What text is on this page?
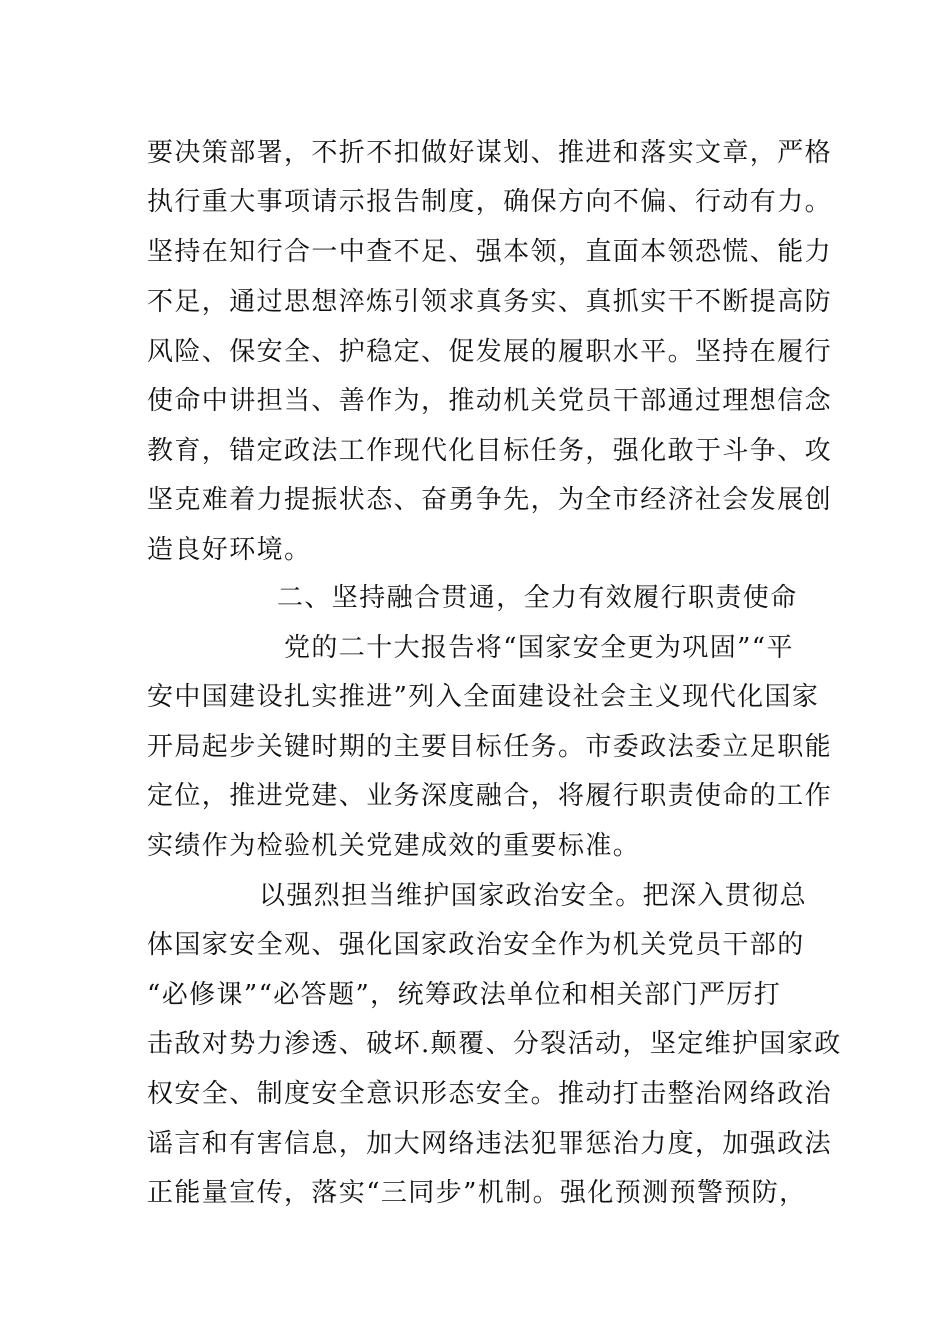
要决策部署，不折不扣做好谋划、推进和落实文章，严格
执行重大事项请示报告制度，确保方向不偏、行动有力。
坚持在知行合一中查不足、强本领，直面本领恐慌、能力
不足，通过思想淬炼引领求真务实、真抓实干不断提高防
风险、保安全、护稳定、促发展的履职水平。坚持在履行
使命中讲担当、善作为，推动机关党员干部通过理想信念
教育，错定政法工作现代化目标任务，强化敢于斗争、攻
坚克难着力提振状态、奋勇争先，为全市经济社会发展创
造良好环境。
二、坚持融合贯通，全力有效履行职责使命
党的二十大报告将“国家安全更为巩固”“平
安中国建设扎实推进”列入全面建设社会主义现代化国家
开局起步关键时期的主要目标任务。市委政法委立足职能
定位，推进党建、业务深度融合，将履行职责使命的工作
实绩作为检验机关党建成效的重要标准。
以强烈担当维护国家政治安全。把深入贯彻总
体国家安全观、强化国家政治安全作为机关党员干部的
“必修课”“必答题”，统筹政法单位和相关部门严厉打
击敌对势力渗透、破坏.颠覆、分裂活动，坚定维护国家政
权安全、制度安全意识形态安全。推动打击整治网络政治
谣言和有害信息，加大网络违法犯罪惩治力度，加强政法
正能量宣传，落实“三同步”机制。强化预测预警预防，
